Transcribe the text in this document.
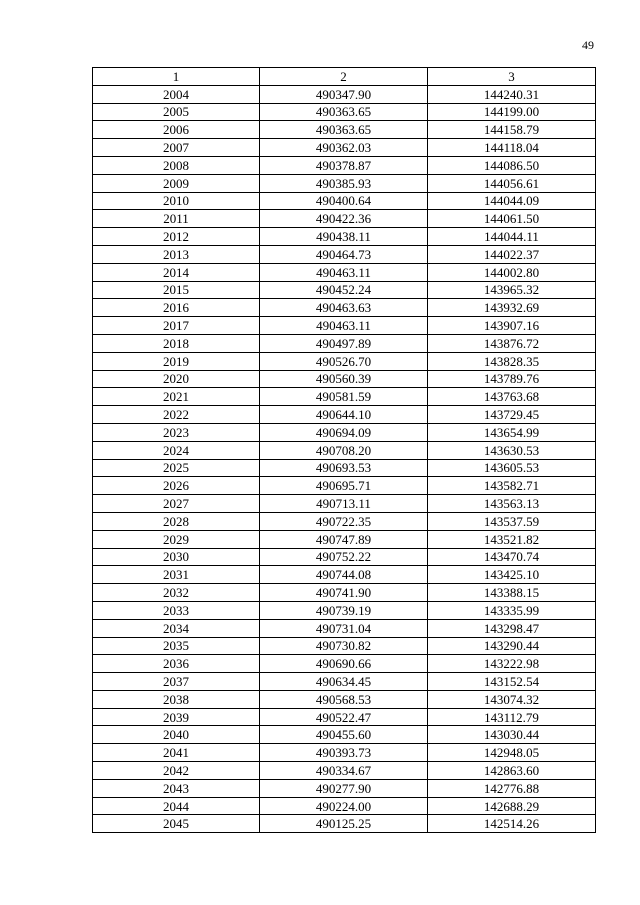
49
1	2	3
2004	490347.90	144240.31
2005	490363.65	144199.00
2006	490363.65	144158.79
2007	490362.03	144118.04
2008	490378.87	144086.50
2009	490385.93	144056.61
2010	490400.64	144044.09
2011	490422.36	144061.50
2012	490438.11	144044.11
2013	490464.73	144022.37
2014	490463.11	144002.80
2015	490452.24	143965.32
2016	490463.63	143932.69
2017	490463.11	143907.16
2018	490497.89	143876.72
2019	490526.70	143828.35
2020	490560.39	143789.76
2021	490581.59	143763.68
2022	490644.10	143729.45
2023	490694.09	143654.99
2024	490708.20	143630.53
2025	490693.53	143605.53
2026	490695.71	143582.71
2027	490713.11	143563.13
2028	490722.35	143537.59
2029	490747.89	143521.82
2030	490752.22	143470.74
2031	490744.08	143425.10
2032	490741.90	143388.15
2033	490739.19	143335.99
2034	490731.04	143298.47
2035	490730.82	143290.44
2036	490690.66	143222.98
2037	490634.45	143152.54
2038	490568.53	143074.32
2039	490522.47	143112.79
2040	490455.60	143030.44
2041	490393.73	142948.05
2042	490334.67	142863.60
2043	490277.90	142776.88
2044	490224.00	142688.29
2045	490125.25	142514.26
